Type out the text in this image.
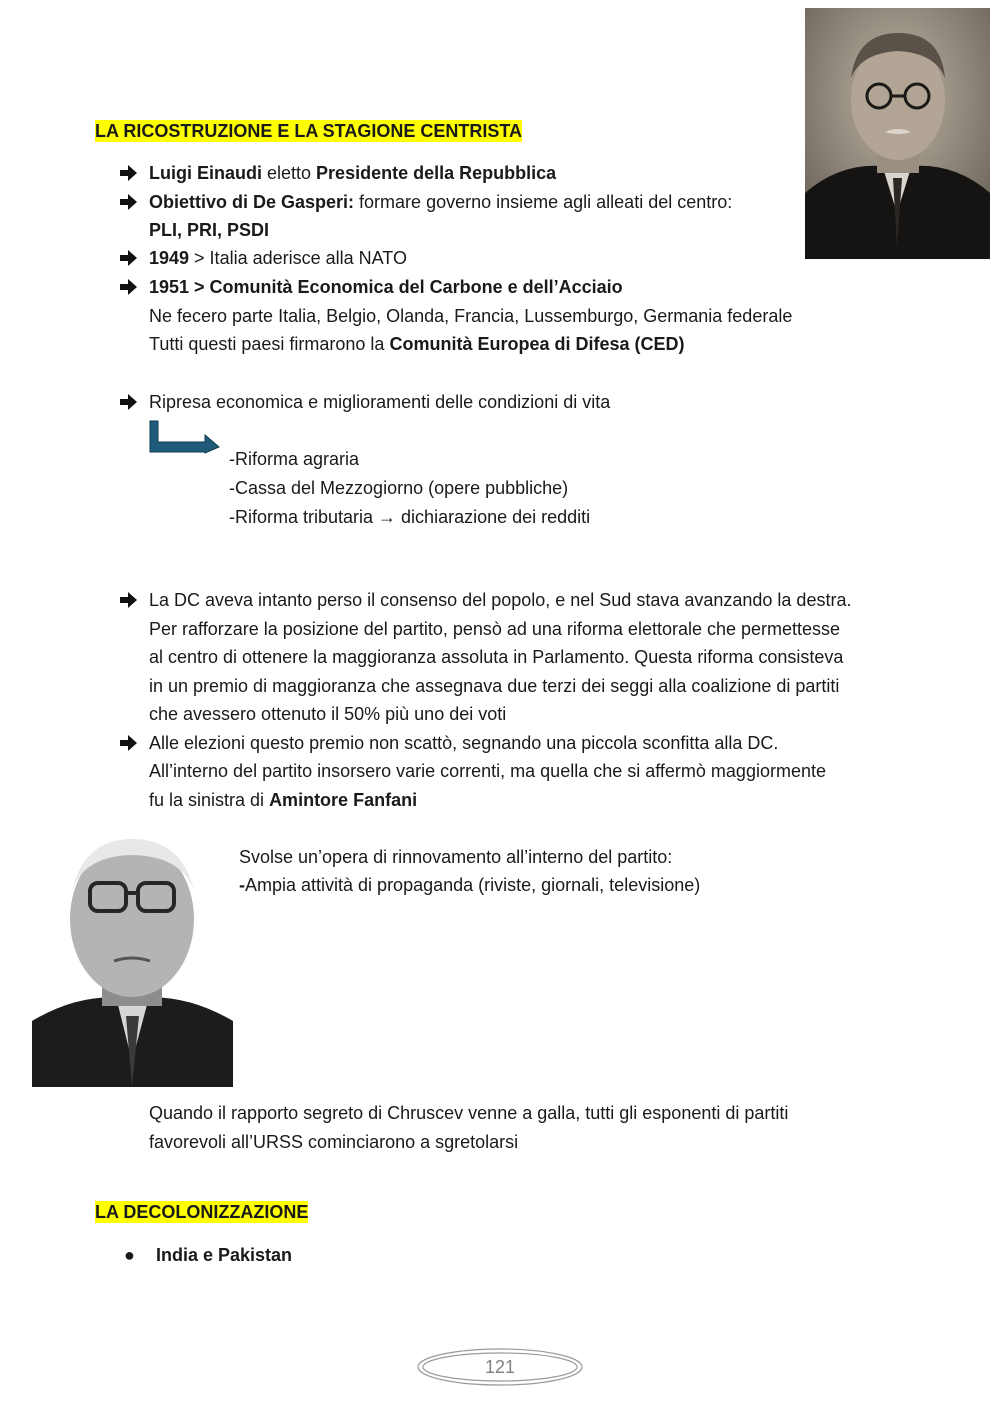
LA RICOSTRUZIONE E LA STAGIONE CENTRISTA
Luigi Einaudi eletto Presidente della Repubblica
Obiettivo di De Gasperi: formare governo insieme agli alleati del centro:
PLI, PRI, PSDI
1949 > Italia aderisce alla NATO
1951 > Comunità Economica del Carbone e dell’Acciaio
Ne fecero parte Italia, Belgio, Olanda, Francia, Lussemburgo, Germania federale
Tutti questi paesi firmarono la Comunità Europea di Difesa (CED)
Ripresa economica e miglioramenti delle condizioni di vita
-Riforma agraria
-Cassa del Mezzogiorno (opere pubbliche)
-Riforma tributaria → dichiarazione dei redditi
La DC aveva intanto perso il consenso del popolo, e nel Sud stava avanzando la destra.
Per rafforzare la posizione del partito, pensò ad una riforma elettorale che permettesse
al centro di ottenere la maggioranza assoluta in Parlamento. Questa riforma consisteva
in un premio di maggioranza che assegnava due terzi dei seggi alla coalizione di partiti
che avessero ottenuto il 50% più uno dei voti
Alle elezioni questo premio non scattò, segnando una piccola sconfitta alla DC.
All’interno del partito insorsero varie correnti, ma quella che si affermò maggiormente
fu la sinistra di Amintore Fanfani
Svolse un’opera di rinnovamento all’interno del partito:
-Ampia attività di propaganda (riviste, giornali, televisione)
Quando il rapporto segreto di Chruscev venne a galla, tutti gli esponenti di partiti
favorevoli all’URSS cominciarono a sgretolarsi
LA DECOLONIZZAZIONE
● India e Pakistan
121
